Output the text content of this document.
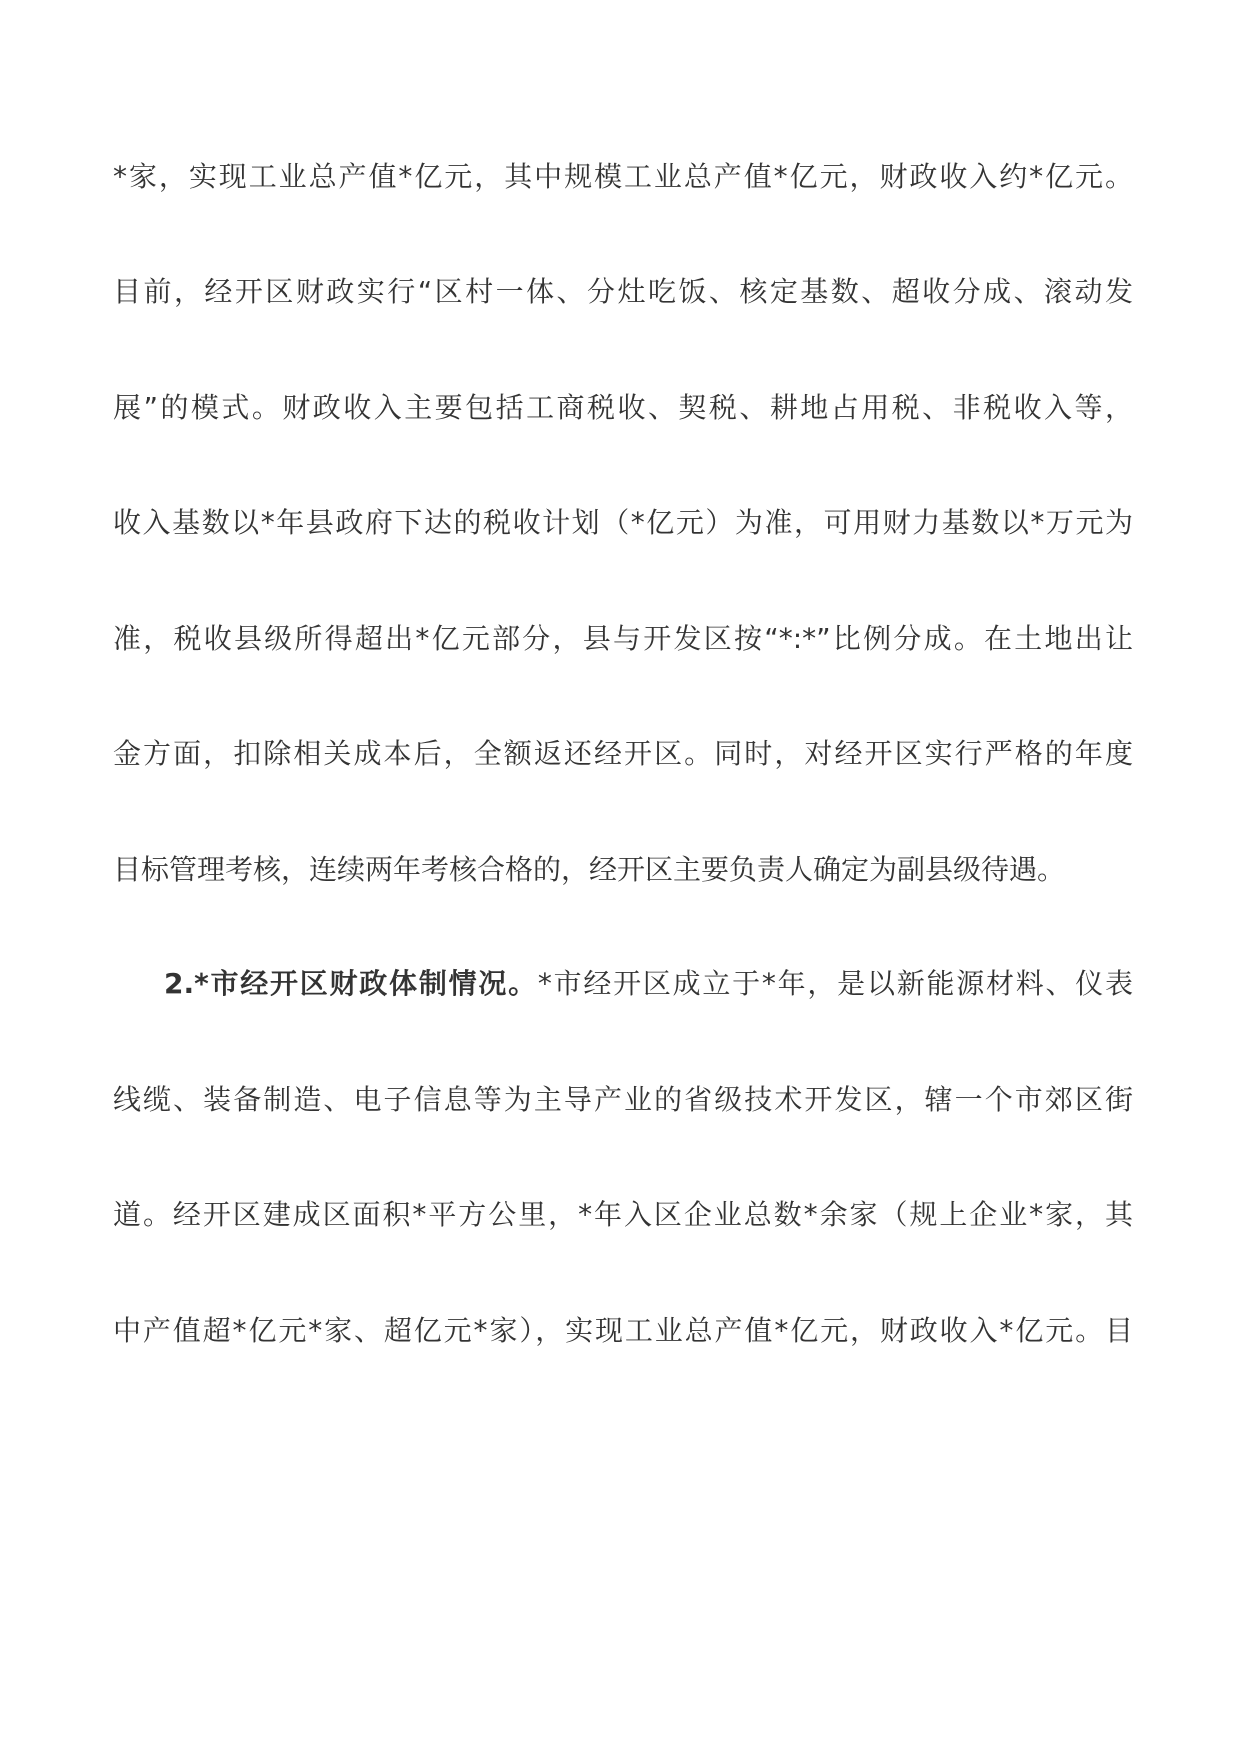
*家，实现工业总产值*亿元，其中规模工业总产值*亿元，财政收入约*亿元。
目前，经开区财政实行“区村一体、分灶吃饭、核定基数、超收分成、滚动发
展”的模式。财政收入主要包括工商税收、契税、耕地占用税、非税收入等，
收入基数以*年县政府下达的税收计划（*亿元）为准，可用财力基数以*万元为
准，税收县级所得超出*亿元部分，县与开发区按“*:*”比例分成。在土地出让
金方面，扣除相关成本后，全额返还经开区。同时，对经开区实行严格的年度
目标管理考核，连续两年考核合格的，经开区主要负责人确定为副县级待遇。
2.*市经开区财政体制情况。*市经开区成立于*年，是以新能源材料、仪表
线缆、装备制造、电子信息等为主导产业的省级技术开发区，辖一个市郊区街
道。经开区建成区面积*平方公里，*年入区企业总数*余家（规上企业*家，其
中产值超*亿元*家、超亿元*家），实现工业总产值*亿元，财政收入*亿元。目
